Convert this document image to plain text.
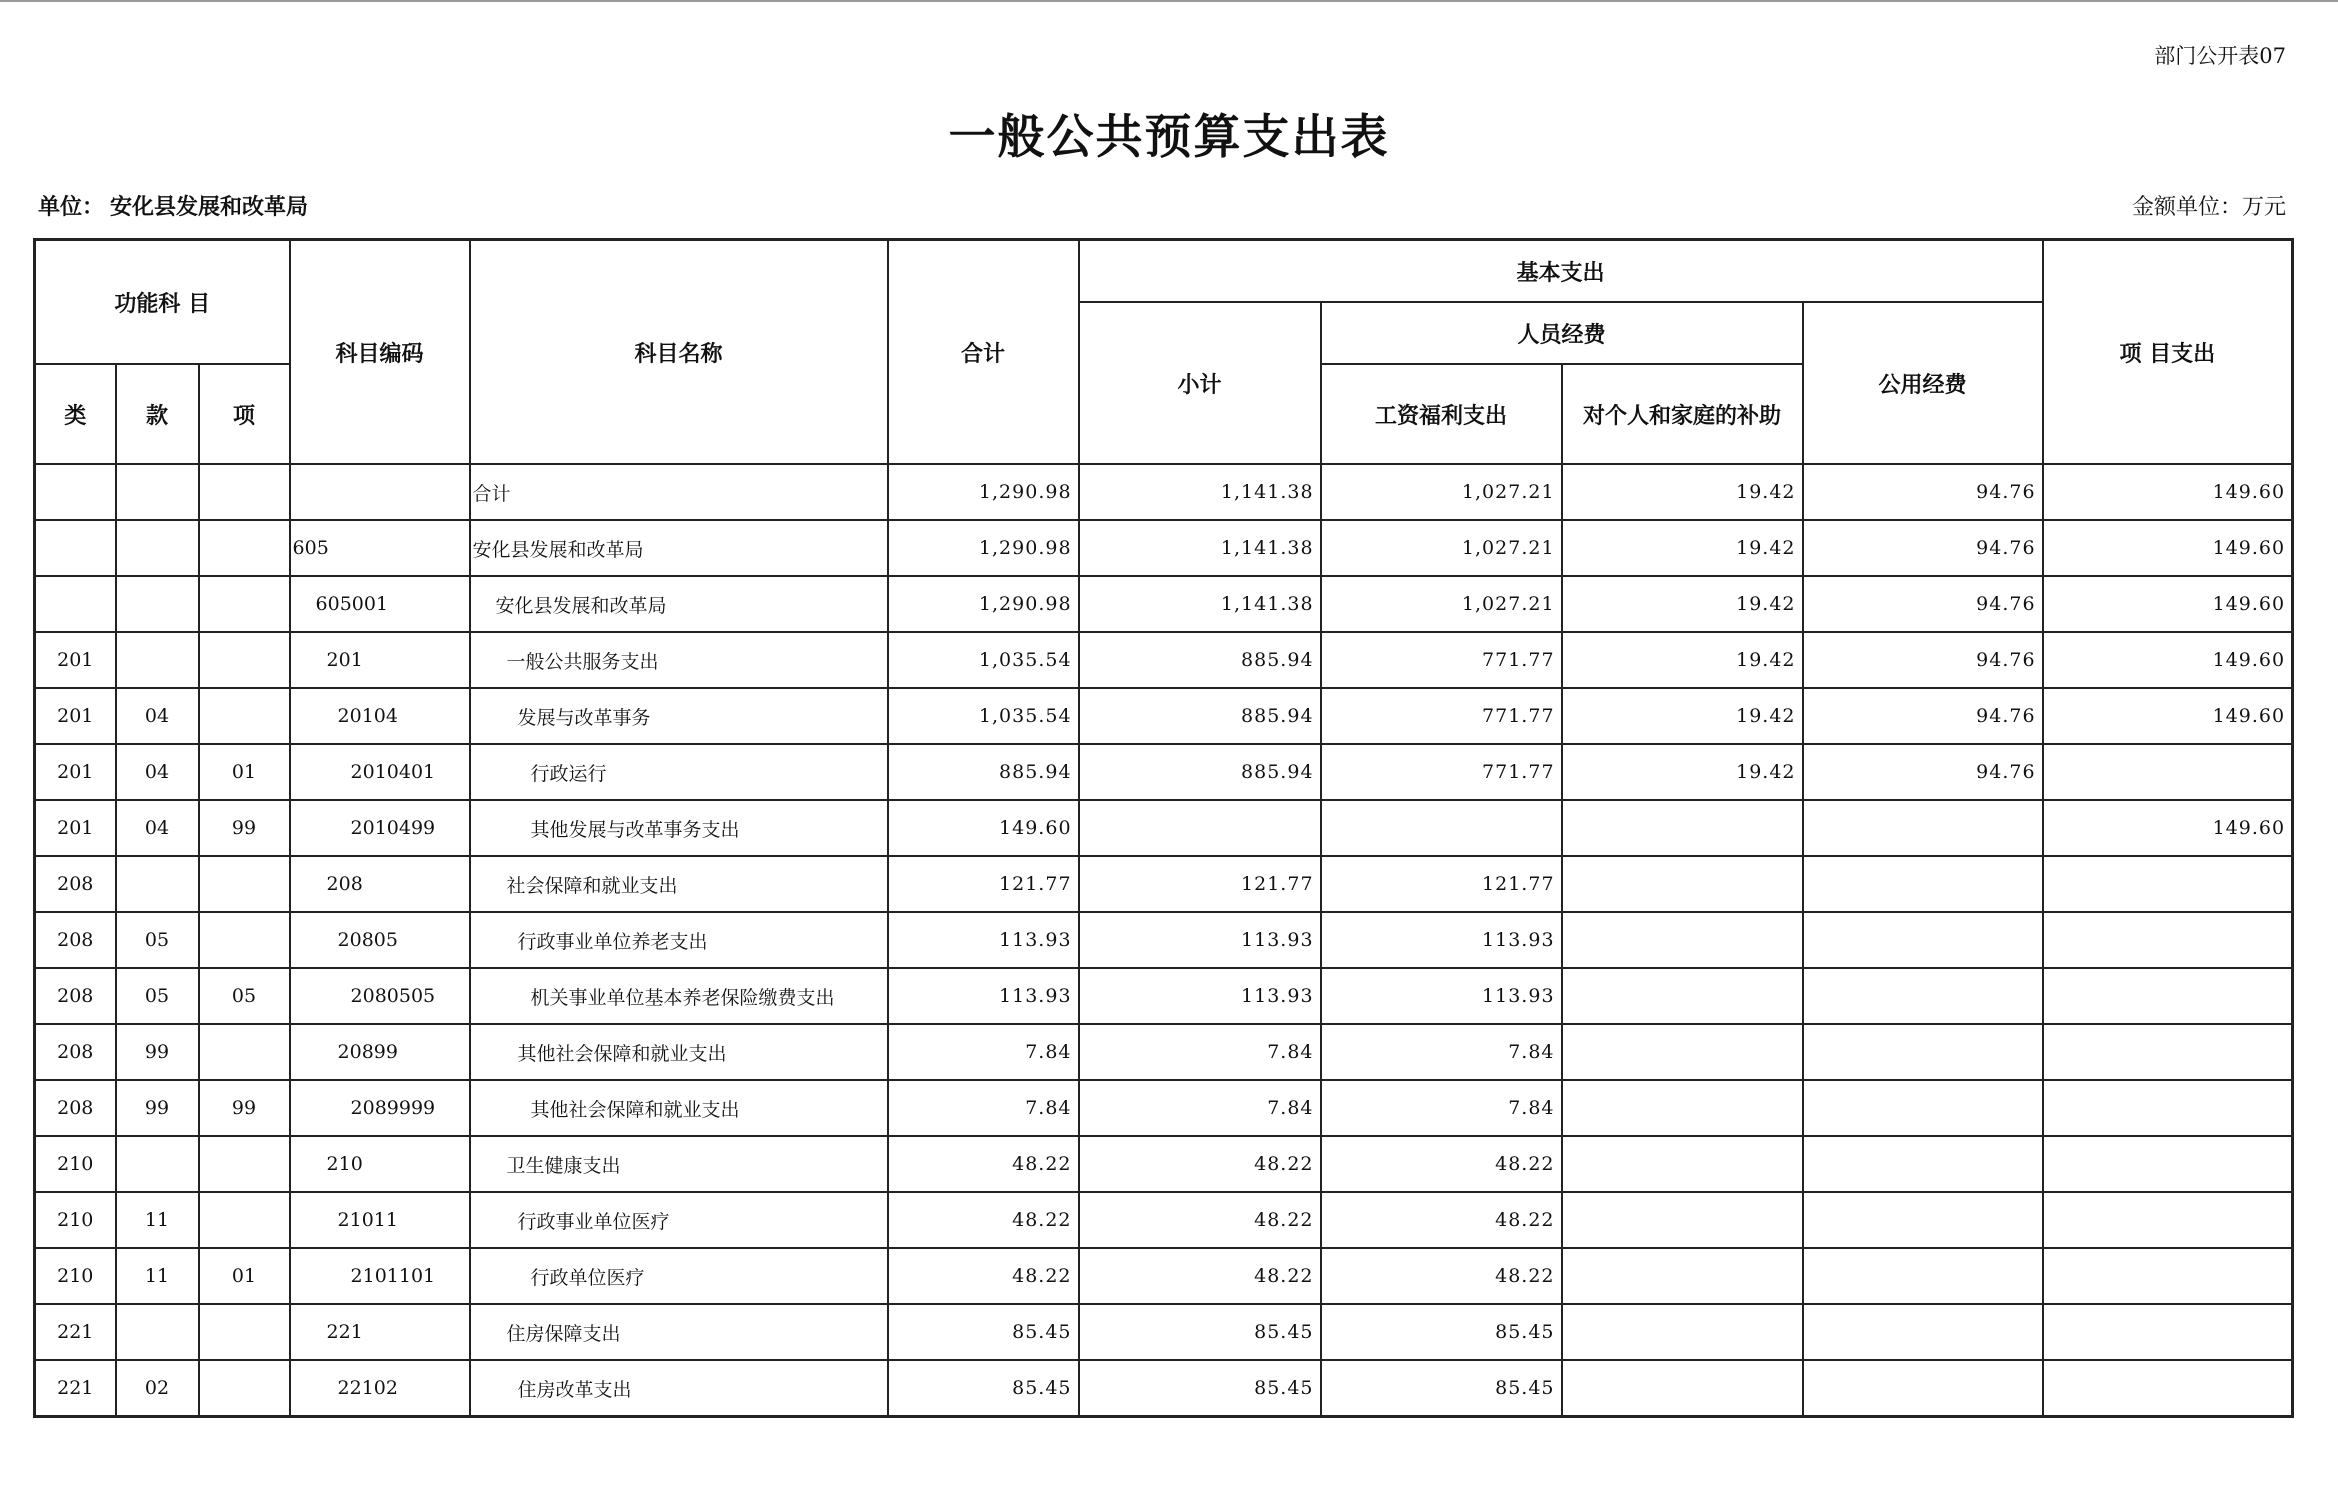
部门公开表07
一般公共预算支出表
单位： 安化县发展和改革局	金额单位：万元
功能科 目			科目编码	科目名称	合计	基本支出				项 目支出
						小计	人员经费		公用经费	
类	款	项					工资福利支出	对个人和家庭的补助		
				合计	1,290.98	1,141.38	1,027.21	19.42	94.76	149.60
			605	安化县发展和改革局	1,290.98	1,141.38	1,027.21	19.42	94.76	149.60
			605001	安化县发展和改革局	1,290.98	1,141.38	1,027.21	19.42	94.76	149.60
201			201	一般公共服务支出	1,035.54	885.94	771.77	19.42	94.76	149.60
201	04		20104	发展与改革事务	1,035.54	885.94	771.77	19.42	94.76	149.60
201	04	01	2010401	行政运行	885.94	885.94	771.77	19.42	94.76	
201	04	99	2010499	其他发展与改革事务支出	149.60					149.60
208			208	社会保障和就业支出	121.77	121.77	121.77			
208	05		20805	行政事业单位养老支出	113.93	113.93	113.93			
208	05	05	2080505	机关事业单位基本养老保险缴费支出	113.93	113.93	113.93			
208	99		20899	其他社会保障和就业支出	7.84	7.84	7.84			
208	99	99	2089999	其他社会保障和就业支出	7.84	7.84	7.84			
210			210	卫生健康支出	48.22	48.22	48.22			
210	11		21011	行政事业单位医疗	48.22	48.22	48.22			
210	11	01	2101101	行政单位医疗	48.22	48.22	48.22			
221			221	住房保障支出	85.45	85.45	85.45			
221	02		22102	住房改革支出	85.45	85.45	85.45			
